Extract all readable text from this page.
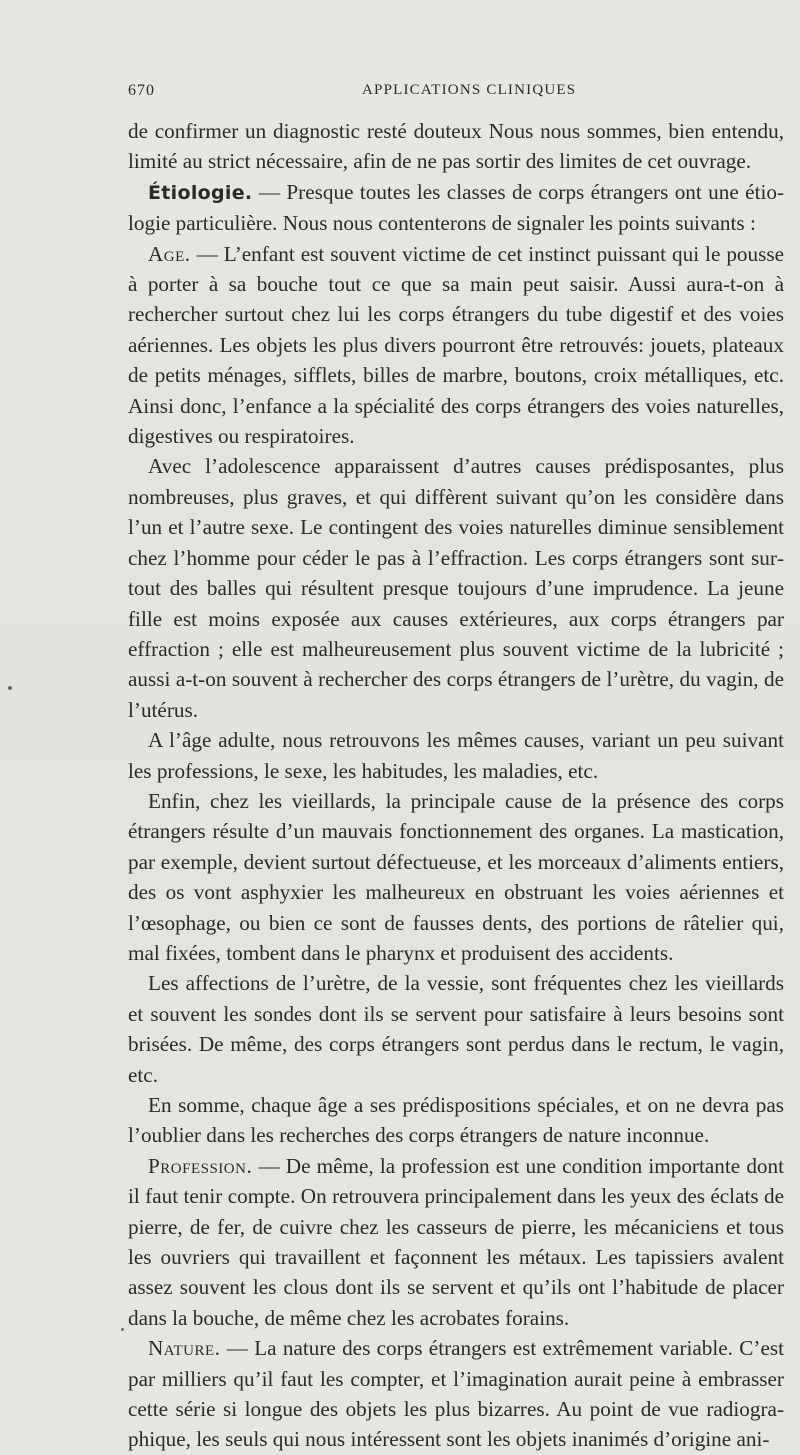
670	APPLICATIONS CLINIQUES

de confirmer un diagnostic resté douteux Nous nous sommes, bien entendu, limité au strict nécessaire, afin de ne pas sortir des limites de cet ouvrage.

Étiologie. — Presque toutes les classes de corps étrangers ont une étiologie particulière. Nous nous contenterons de signaler les points suivants :

Age. — L’enfant est souvent victime de cet instinct puissant qui le pousse à porter à sa bouche tout ce que sa main peut saisir. Aussi aura-t-on à rechercher surtout chez lui les corps étrangers du tube digestif et des voies aériennes. Les objets les plus divers pourront être retrouvés: jouets, plateaux de petits ménages, sifflets, billes de marbre, boutons, croix métalliques, etc. Ainsi donc, l’enfance a la spécialité des corps étrangers des voies naturelles, digestives ou respiratoires.

Avec l’adolescence apparaissent d’autres causes prédisposantes, plus nombreuses, plus graves, et qui diffèrent suivant qu’on les considère dans l’un et l’autre sexe. Le contingent des voies naturelles diminue sensiblement chez l’homme pour céder le pas à l’effraction. Les corps étrangers sont surtout des balles qui résultent presque toujours d’une imprudence. La jeune fille est moins exposée aux causes extérieures, aux corps étrangers par effraction ; elle est malheureusement plus souvent victime de la lubricité ; aussi a-t-on souvent à rechercher des corps étrangers de l’urètre, du vagin, de l’utérus.

A l’âge adulte, nous retrouvons les mêmes causes, variant un peu suivant les professions, le sexe, les habitudes, les maladies, etc.

Enfin, chez les vieillards, la principale cause de la présence des corps étrangers résulte d’un mauvais fonctionnement des organes. La mastication, par exemple, devient surtout défectueuse, et les morceaux d’aliments entiers, des os vont asphyxier les malheureux en obstruant les voies aériennes et l’œsophage, ou bien ce sont de fausses dents, des portions de râtelier qui, mal fixées, tombent dans le pharynx et produisent des accidents.

Les affections de l’urètre, de la vessie, sont fréquentes chez les vieillards et souvent les sondes dont ils se servent pour satisfaire à leurs besoins sont brisées. De même, des corps étrangers sont perdus dans le rectum, le vagin, etc.

En somme, chaque âge a ses prédispositions spéciales, et on ne devra pas l’oublier dans les recherches des corps étrangers de nature inconnue.

Profession. — De même, la profession est une condition importante dont il faut tenir compte. On retrouvera principalement dans les yeux des éclats de pierre, de fer, de cuivre chez les casseurs de pierre, les mécaniciens et tous les ouvriers qui travaillent et façonnent les métaux. Les tapissiers avalent assez souvent les clous dont ils se servent et qu’ils ont l’habitude de placer dans la bouche, de même chez les acrobates forains.

Nature. — La nature des corps étrangers est extrêmement variable. C’est par milliers qu’il faut les compter, et l’imagination aurait peine à embrasser cette série si longue des objets les plus bizarres. Au point de vue radiographique, les seuls qui nous intéressent sont les objets inanimés d’origine ani-
